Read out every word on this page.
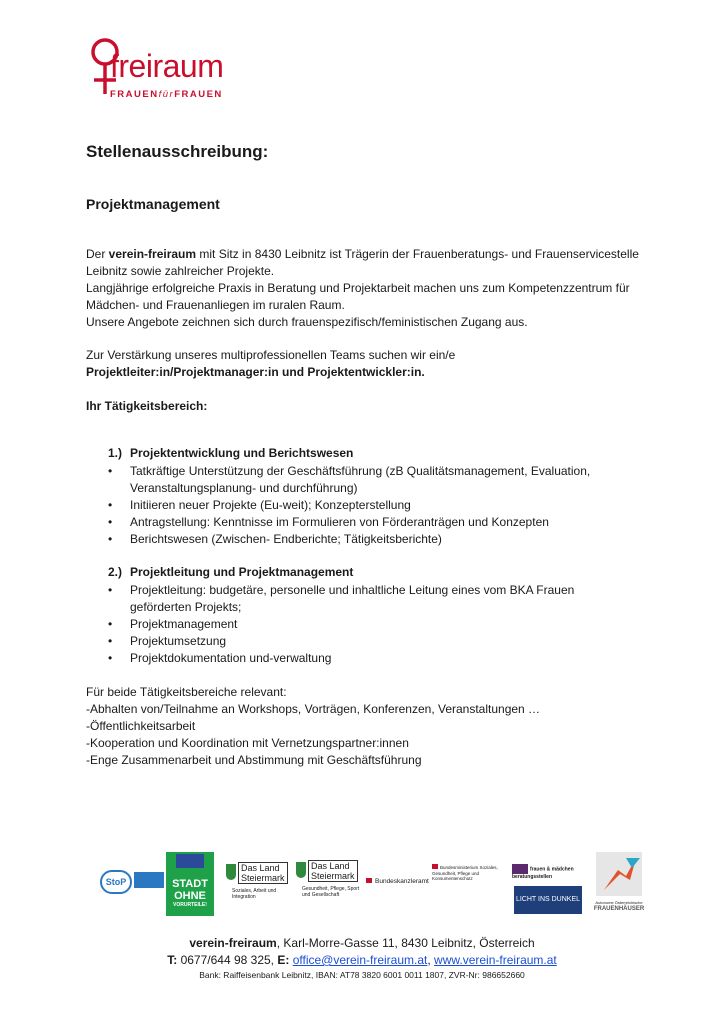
freiraum
FRAUENfürFRAUEN
Stellenausschreibung:
Projektmanagement
Der verein-freiraum mit Sitz in 8430 Leibnitz ist Trägerin der Frauenberatungs- und Frauenservicestelle
Leibnitz sowie zahlreicher Projekte.
Langjährige erfolgreiche Praxis in Beratung und Projektarbeit machen uns zum Kompetenzzentrum für
Mädchen- und Frauenanliegen im ruralen Raum.
Unsere Angebote zeichnen sich durch frauenspezifisch/feministischen Zugang aus.
Zur Verstärkung unseres multiprofessionellen Teams suchen wir ein/e
Projektleiter:in/Projektmanager:in und Projektentwickler:in.
Ihr Tätigkeitsbereich:
1.) Projektentwicklung und Berichtswesen
• Tatkräftige Unterstützung der Geschäftsführung (zB Qualitätsmanagement, Evaluation, Veranstaltungsplanung- und durchführung)
• Initiieren neuer Projekte (Eu-weit); Konzepterstellung
• Antragstellung: Kenntnisse im Formulieren von Förderanträgen und Konzepten
• Berichtswesen (Zwischen- Endberichte; Tätigkeitsberichte)
2.) Projektleitung und Projektmanagement
• Projektleitung: budgetäre, personelle und inhaltliche Leitung eines vom BKA Frauen geförderten Projekts;
• Projektmanagement
• Projektumsetzung
• Projektdokumentation und-verwaltung
Für beide Tätigkeitsbereiche relevant:
-Abhalten von/Teilnahme an Workshops, Vorträgen, Konferenzen, Veranstaltungen …
-Öffentlichkeitsarbeit
-Kooperation und Koordination mit Vernetzungspartner:innen
-Enge Zusammenarbeit und Abstimmung mit Geschäftsführung
StoP	STADT
OHNE
VORURTEILE!
Das Land
Steiermark
Soziales, Arbeit und Integration
Das Land
Steiermark
Gesundheit, Pflege, Sport und Gesellschaft
Bundeskanzleramt
Bundesministerium Soziales, Gesundheit, Pflege und Konsumentenschutz
frauen & mädchen beratungsstellen
LICHT INS DUNKEL	Autonome Österreichische
FRAUENHÄUSER
verein-freiraum, Karl-Morre-Gasse 11, 8430 Leibnitz, Österreich
T: 0677/644 98 325, E: office@verein-freiraum.at, www.verein-freiraum.at
Bank: Raiffeisenbank Leibnitz, IBAN: AT78 3820 6001 0011 1807, ZVR-Nr: 986652660
